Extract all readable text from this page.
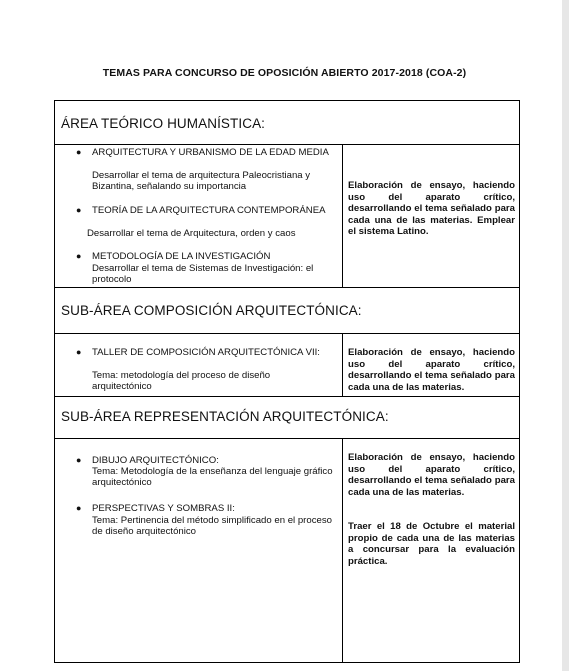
TEMAS PARA CONCURSO DE OPOSICIÓN ABIERTO 2017-2018 (COA-2)
ÁREA TEÓRICO HUMANÍSTICA:
● ARQUITECTURA Y URBANISMO DE LA EDAD MEDIA
Desarrollar el tema de arquitectura Paleocristiana y Bizantina, señalando su importancia
● TEORÍA DE LA ARQUITECTURA CONTEMPORÁNEA
Desarrollar el tema de Arquitectura, orden y caos
● METODOLOGÍA DE LA INVESTIGACIÓN
Desarrollar el tema de Sistemas de Investigación: el protocolo
Elaboración de ensayo, haciendo uso del aparato crítico, desarrollando el tema señalado para cada una de las materias. Emplear el sistema Latino.
SUB-ÁREA COMPOSICIÓN ARQUITECTÓNICA:
● TALLER DE COMPOSICIÓN ARQUITECTÓNICA VII:
Tema: metodología del proceso de diseño arquitectónico
Elaboración de ensayo, haciendo uso del aparato crítico, desarrollando el tema señalado para cada una de las materias.
SUB-ÁREA REPRESENTACIÓN ARQUITECTÓNICA:
● DIBUJO ARQUITECTÓNICO:
Tema: Metodología de la enseñanza del lenguaje gráfico arquitectónico
● PERSPECTIVAS Y SOMBRAS II:
Tema: Pertinencia del método simplificado en el proceso de diseño arquitectónico
Elaboración de ensayo, haciendo uso del aparato crítico, desarrollando el tema señalado para cada una de las materias.
Traer el 18 de Octubre el material propio de cada una de las materias a concursar para la evaluación práctica.
